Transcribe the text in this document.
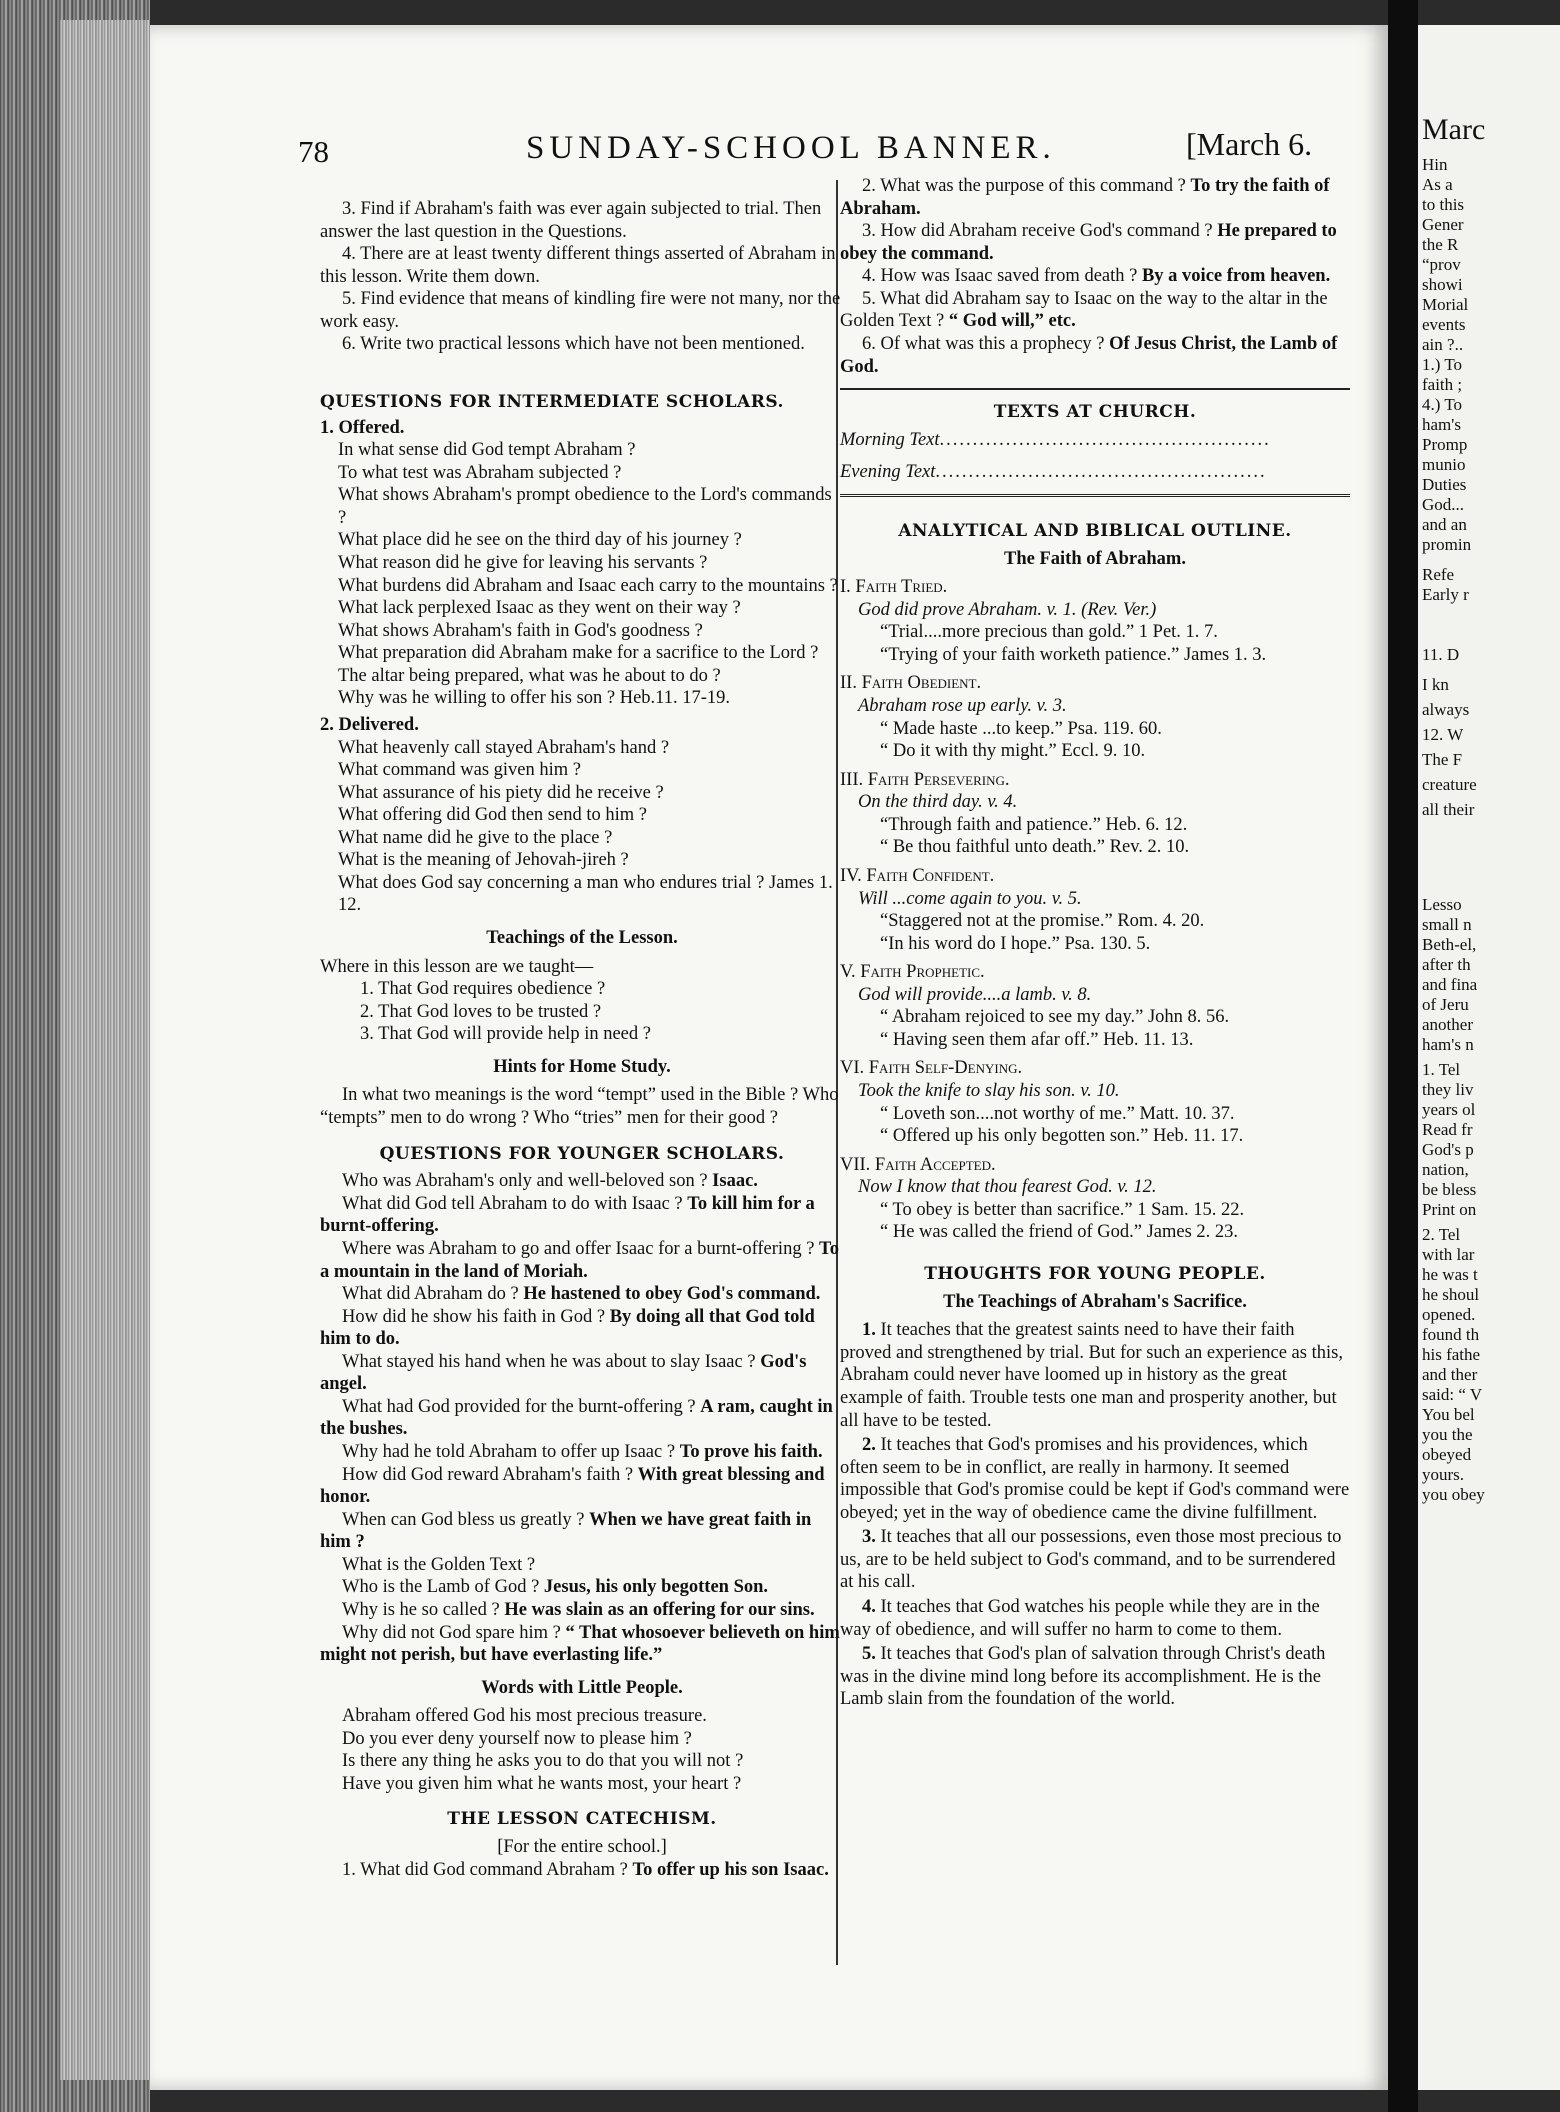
Marc
Hin
As a
to this
Gener
the R
“prov
showi
Morial
events
ain ?..
1.) To
faith ;
4.) To
ham's
Promp
munio
Duties
God...
and an
promin
Refe
Early r
11. D
I kn
always
12. W
The F
creature
all their
Lesso
small n
Beth-el,
after th
and fina
of Jeru
another
ham's n
1. Tel
they liv
years ol
Read fr
God's p
nation,
be bless
Print on
2. Tel
with lar
he was t
he shoul
opened.
found th
his fathe
and ther
said: “ V
You bel
you the
obeyed
yours.
you obey
78	SUNDAY-SCHOOL BANNER.	[March 6.

3. Find if Abraham's faith was ever again subjected to trial. Then answer the last question in the Questions.

4. There are at least twenty different things asserted of Abraham in this lesson. Write them down.

5. Find evidence that means of kindling fire were not many, nor the work easy.

6. Write two practical lessons which have not been mentioned.

QUESTIONS FOR INTERMEDIATE SCHOLARS.

1. Offered.

In what sense did God tempt Abraham ?

To what test was Abraham subjected ?

What shows Abraham's prompt obedience to the Lord's commands ?

What place did he see on the third day of his journey ?

What reason did he give for leaving his servants ?

What burdens did Abraham and Isaac each carry to the mountains ?

What lack perplexed Isaac as they went on their way ?

What shows Abraham's faith in God's goodness ?

What preparation did Abraham make for a sacrifice to the Lord ?

The altar being prepared, what was he about to do ?

Why was he willing to offer his son ? Heb.11. 17-19.

2. Delivered.

What heavenly call stayed Abraham's hand ?

What command was given him ?

What assurance of his piety did he receive ?

What offering did God then send to him ?

What name did he give to the place ?

What is the meaning of Jehovah-jireh ?

What does God say concerning a man who endures trial ? James 1. 12.

Teachings of the Lesson.

Where in this lesson are we taught—

1. That God requires obedience ?

2. That God loves to be trusted ?

3. That God will provide help in need ?

Hints for Home Study.

In what two meanings is the word “tempt” used in the Bible ? Who “tempts” men to do wrong ? Who “tries” men for their good ?

QUESTIONS FOR YOUNGER SCHOLARS.

Who was Abraham's only and well-beloved son ? Isaac.

What did God tell Abraham to do with Isaac ? To kill him for a burnt-offering.

Where was Abraham to go and offer Isaac for a burnt-offering ? To a mountain in the land of Moriah.

What did Abraham do ? He hastened to obey God's command.

How did he show his faith in God ? By doing all that God told him to do.

What stayed his hand when he was about to slay Isaac ? God's angel.

What had God provided for the burnt-offering ? A ram, caught in the bushes.

Why had he told Abraham to offer up Isaac ? To prove his faith.

How did God reward Abraham's faith ? With great blessing and honor.

When can God bless us greatly ? When we have great faith in him ?

What is the Golden Text ?

Who is the Lamb of God ? Jesus, his only begotten Son.

Why is he so called ? He was slain as an offering for our sins.

Why did not God spare him ? “ That whosoever believeth on him might not perish, but have everlasting life.”

Words with Little People.

Abraham offered God his most precious treasure.

Do you ever deny yourself now to please him ?

Is there any thing he asks you to do that you will not ?

Have you given him what he wants most, your heart ?

THE LESSON CATECHISM.

[For the entire school.]

1. What did God command Abraham ? To offer up his son Isaac.

2. What was the purpose of this command ? To try the faith of Abraham.

3. How did Abraham receive God's command ? He prepared to obey the command.

4. How was Isaac saved from death ? By a voice from heaven.

5. What did Abraham say to Isaac on the way to the altar in the Golden Text ? “ God will,” etc.

6. Of what was this a prophecy ? Of Jesus Christ, the Lamb of God.

TEXTS AT CHURCH.

Morning Text..................................................

Evening Text..................................................

ANALYTICAL AND BIBLICAL OUTLINE.
The Faith of Abraham.

I. Faith Tried.

God did prove Abraham. v. 1. (Rev. Ver.)

“Trial....more precious than gold.” 1 Pet. 1. 7.

“Trying of your faith worketh patience.” James 1. 3.

II. Faith Obedient.

Abraham rose up early. v. 3.

“ Made haste ...to keep.” Psa. 119. 60.

“ Do it with thy might.” Eccl. 9. 10.

III. Faith Persevering.

On the third day. v. 4.

“Through faith and patience.” Heb. 6. 12.

“ Be thou faithful unto death.” Rev. 2. 10.

IV. Faith Confident.

Will ...come again to you. v. 5.

“Staggered not at the promise.” Rom. 4. 20.

“In his word do I hope.” Psa. 130. 5.

V. Faith Prophetic.

God will provide....a lamb. v. 8.

“ Abraham rejoiced to see my day.” John 8. 56.

“ Having seen them afar off.” Heb. 11. 13.

VI. Faith Self-Denying.

Took the knife to slay his son. v. 10.

“ Loveth son....not worthy of me.” Matt. 10. 37.

“ Offered up his only begotten son.” Heb. 11. 17.

VII. Faith Accepted.

Now I know that thou fearest God. v. 12.

“ To obey is better than sacrifice.” 1 Sam. 15. 22.

“ He was called the friend of God.” James 2. 23.

THOUGHTS FOR YOUNG PEOPLE.
The Teachings of Abraham's Sacrifice.

1. It teaches that the greatest saints need to have their faith proved and strengthened by trial. But for such an experience as this, Abraham could never have loomed up in history as the great example of faith. Trouble tests one man and prosperity another, but all have to be tested.

2. It teaches that God's promises and his providences, which often seem to be in conflict, are really in harmony. It seemed impossible that God's promise could be kept if God's command were obeyed; yet in the way of obedience came the divine fulfillment.

3. It teaches that all our possessions, even those most precious to us, are to be held subject to God's command, and to be surrendered at his call.

4. It teaches that God watches his people while they are in the way of obedience, and will suffer no harm to come to them.

5. It teaches that God's plan of salvation through Christ's death was in the divine mind long before its accomplishment. He is the Lamb slain from the foundation of the world.
